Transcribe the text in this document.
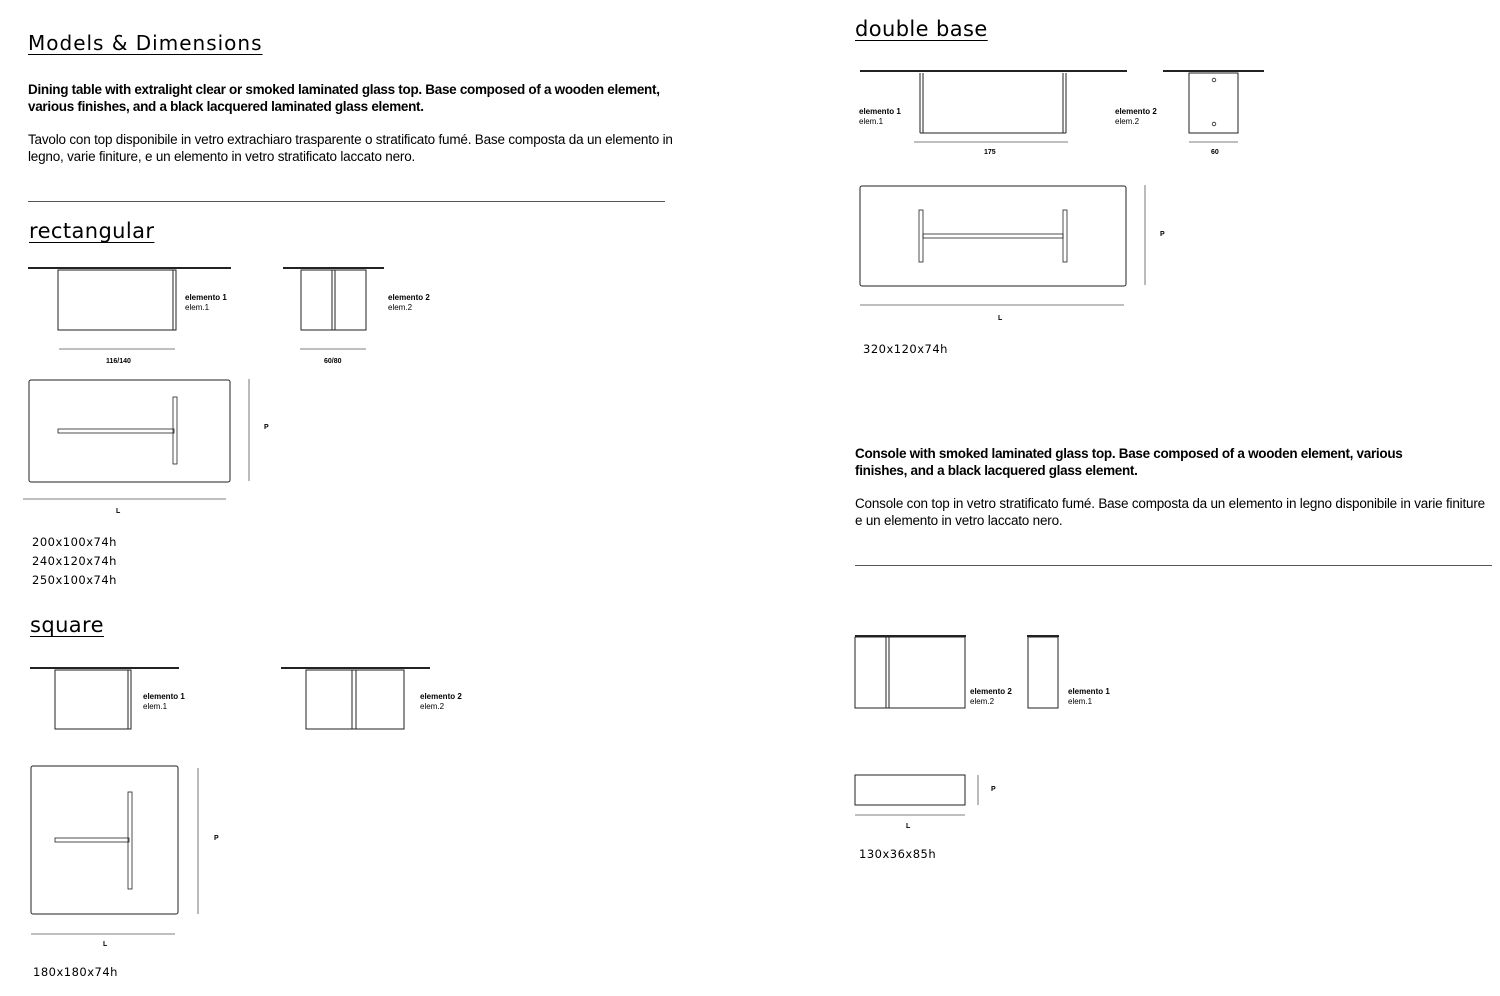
Models & Dimensions
Dining table with extralight clear or smoked laminated glass top. Base composed of a wooden element, various finishes, and a black lacquered laminated glass element.
Tavolo con top disponibile in vetro extrachiaro trasparente o stratificato fumé. Base composta da un elemento in legno, varie finiture, e un elemento in vetro stratificato laccato nero.
rectangular
elemento 1
elem.1
116/140
elemento 2
elem.2
60/80
P
L
200x100x74h
240x120x74h
250x100x74h
square
elemento 1
elem.1
elemento 2
elem.2
P
L
180x180x74h
double base
elemento 1
elem.1
175
elemento 2
elem.2
60
P
L
320x120x74h
Console with smoked laminated glass top. Base composed of a wooden element, various finishes, and a black lacquered glass element.
Console con top in vetro stratificato fumé. Base composta da un elemento in legno disponibile in varie finiture e un elemento in vetro laccato nero.
elemento 2
elem.2
elemento 1
elem.1
P
L
130x36x85h
